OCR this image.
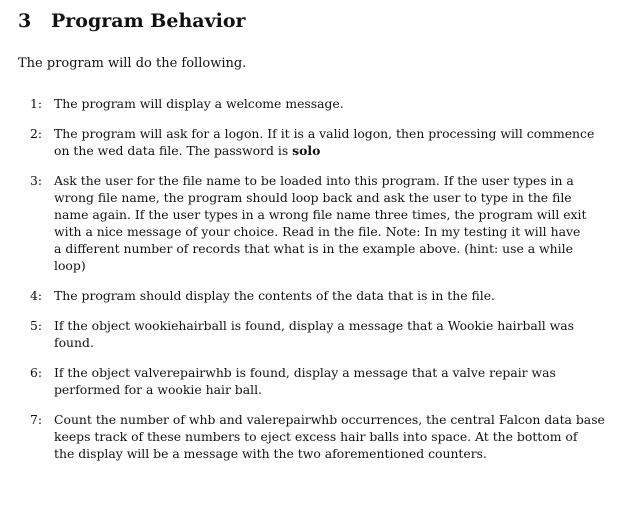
3 Program Behavior
The program will do the following.
1: The program will display a welcome message.
2: The program will ask for a logon. If it is a valid logon, then processing will commence
on the wed data file. The password is solo
3: Ask the user for the file name to be loaded into this program. If the user types in a
wrong file name, the program should loop back and ask the user to type in the file
name again. If the user types in a wrong file name three times, the program will exit
with a nice message of your choice. Read in the file. Note: In my testing it will have
a different number of records that what is in the example above. (hint: use a while
loop)
4: The program should display the contents of the data that is in the file.
5: If the object wookiehairball is found, display a message that a Wookie hairball was
found.
6: If the object valverepairwhb is found, display a message that a valve repair was
performed for a wookie hair ball.
7: Count the number of whb and valerepairwhb occurrences, the central Falcon data base
keeps track of these numbers to eject excess hair balls into space. At the bottom of
the display will be a message with the two aforementioned counters.
